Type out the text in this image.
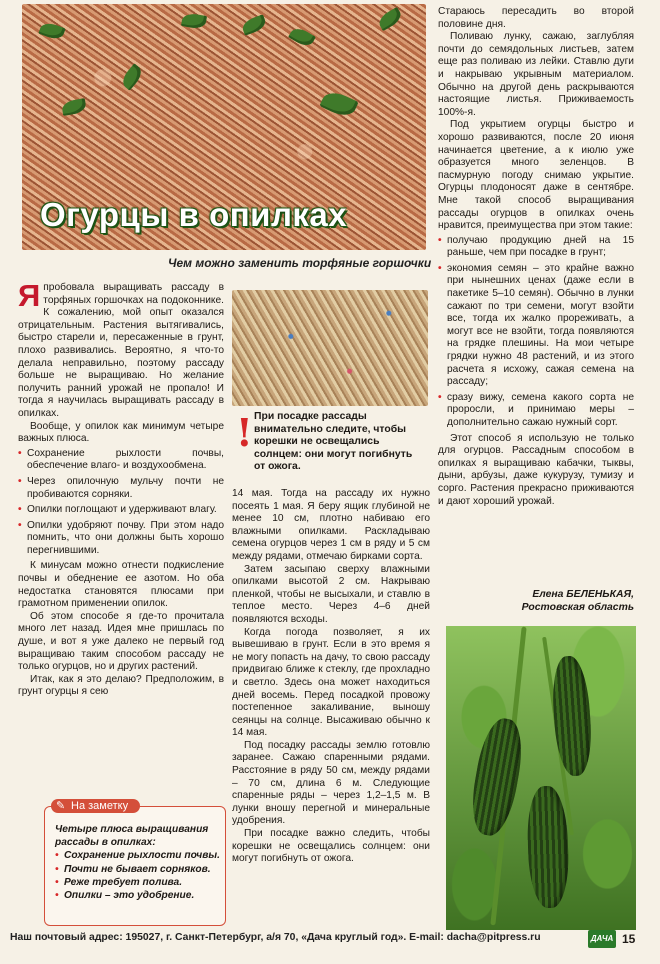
Огурцы в опилках
Чем можно заменить торфяные горшочки

Япробовала выращивать рассаду в торфяных горшочках на подоконнике. К сожалению, мой опыт оказался отрицательным. Растения вытягивались, быстро старели и, пересаженные в грунт, плохо развивались. Вероятно, я что-то делала неправильно, поэтому рассаду больше не выращиваю. Но желание получить ранний урожай не пропало! И тогда я научилась выращивать рассаду в опилках.

Вообще, у опилок как минимум четыре важных плюса.

• Сохранение рыхлости почвы, обеспечение влаго- и воздухообмена.
• Через опилочную мульчу почти не пробиваются сорняки.
• Опилки поглощают и удерживают влагу.
• Опилки удобряют почву. При этом надо помнить, что они должны быть хорошо перегнившими.

К минусам можно отнести подкисление почвы и обеднение ее азотом. Но оба недостатка становятся плюсами при грамотном применении опилок.

Об этом способе я где-то прочитала много лет назад. Идея мне пришлась по душе, и вот я уже далеко не первый год выращиваю таким способом рассаду не только огурцов, но и других растений.

Итак, как я это делаю? Предположим, в грунт огурцы я сею

✎ На заметку
Четыре плюса выращивания рассады в опилках:
• Сохранение рыхлости почвы.
• Почти не бывает сорняков.
• Реже требует полива.
• Опилки – это удобрение.
! При посадке рассады внимательно следите, чтобы корешки не освещались солнцем: они могут погибнуть от ожога.

14 мая. Тогда на рассаду их нужно посеять 1 мая. Я беру ящик глубиной не менее 10 см, плотно набиваю его влажными опилками. Раскладываю семена огурцов через 1 см в ряду и 5 см между рядами, отмечаю бирками сорта.

Затем засыпаю сверху влажными опилками высотой 2 см. Накрываю пленкой, чтобы не высыхали, и ставлю в теплое место. Через 4–6 дней появляются всходы.

Когда погода позволяет, я их вывешиваю в грунт. Если в это время я не могу попасть на дачу, то свою рассаду придвигаю ближе к стеклу, где прохладно и светло. Здесь она может находиться дней восемь. Перед посадкой провожу постепенное закаливание, выношу сеянцы на солнце. Высаживаю обычно к 14 мая.

Под посадку рассады землю готовлю заранее. Сажаю спаренными рядами. Расстояние в ряду 50 см, между рядами – 70 см, длина 6 м. Следующие спаренные ряды – через 1,2–1,5 м. В лунки вношу перегной и минеральные удобрения.

При посадке важно следить, чтобы корешки не освещались солнцем: они могут погибнуть от ожога.

Стараюсь пересадить во второй половине дня.

Поливаю лунку, сажаю, заглубляя почти до семядольных листьев, затем еще раз поливаю из лейки. Ставлю дуги и накрываю укрывным материалом. Обычно на другой день раскрываются настоящие листья. Приживаемость 100%-я.

Под укрытием огурцы быстро и хорошо развиваются, после 20 июня начинается цветение, а к июлю уже образуется много зеленцов. В пасмурную погоду снимаю укрытие. Огурцы плодоносят даже в сентябре. Мне такой способ выращивания рассады огурцов в опилках очень нравится, преимущества при этом такие:

• получаю продукцию дней на 15 раньше, чем при посадке в грунт;
• экономия семян – это крайне важно при нынешних ценах (даже если в пакетике 5–10 семян). Обычно в лунки сажают по три семени, могут взойти все, тогда их жалко прореживать, а могут все не взойти, тогда появляются на грядке плешины. На мои четыре грядки нужно 48 растений, и из этого расчета я исхожу, сажая семена на рассаду;
• сразу вижу, семена какого сорта не проросли, и принимаю меры – дополнительно сажаю нужный сорт.

Этот способ я использую не только для огурцов. Рассадным способом в опилках я выращиваю кабачки, тыквы, дыни, арбузы, даже кукурузу, тумизу и сорго. Растения прекрасно приживаются и дают хороший урожай.

Елена БЕЛЕНЬКАЯ,
Ростовская область
Наш почтовый адрес: 195027, г. Санкт-Петербург, а/я 70, «Дача круглый год». E-mail: dacha@pitpress.ru	ДАЧА 15
